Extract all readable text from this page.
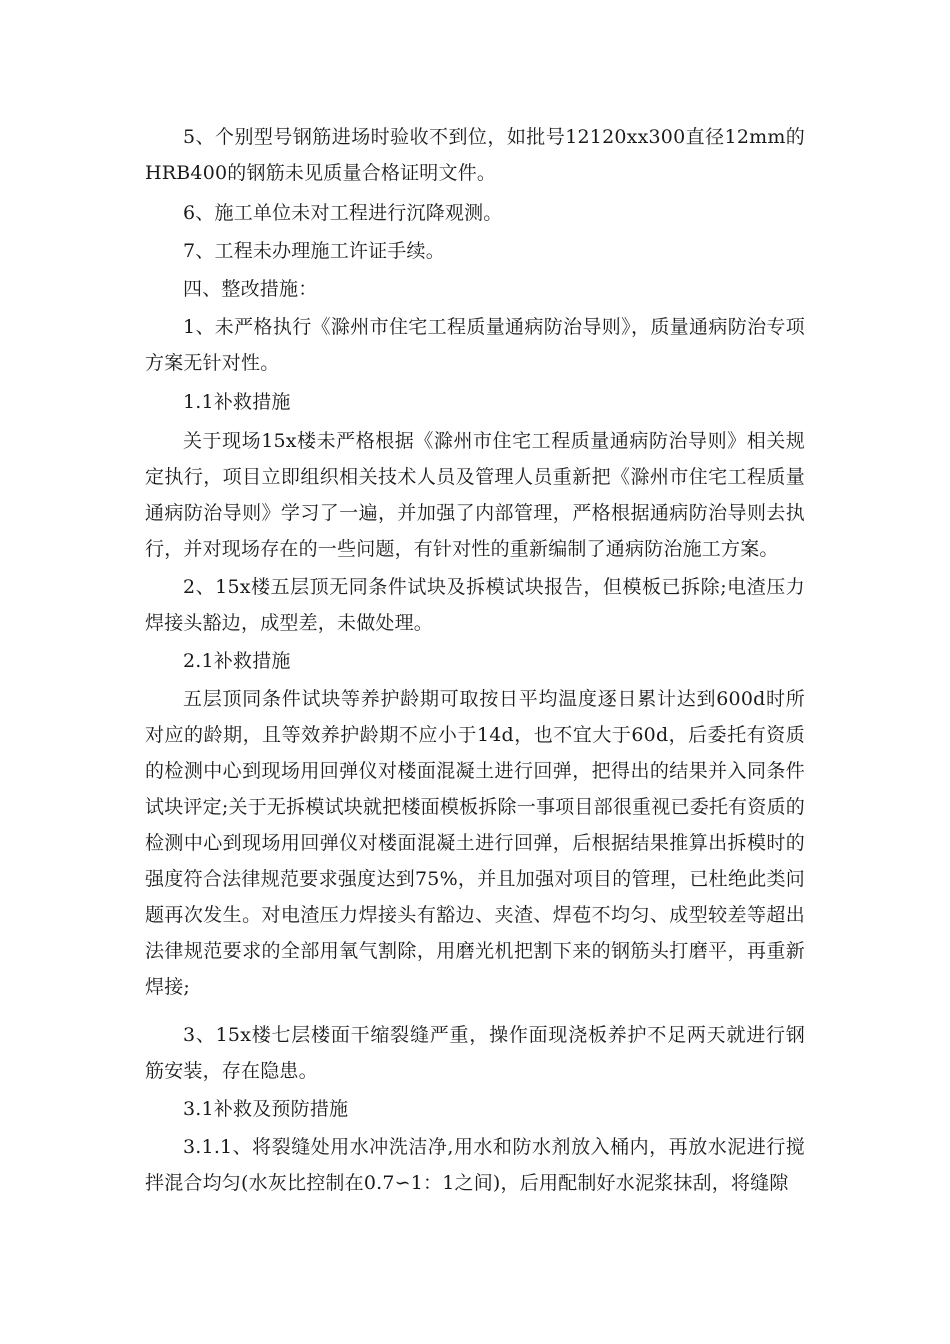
5、个别型号钢筋进场时验收不到位，如批号12120xx300直径12mm的HRB400的钢筋未见质量合格证明文件。

6、施工单位未对工程进行沉降观测。

7、工程未办理施工许证手续。

四、整改措施：

1、未严格执行《滁州市住宅工程质量通病防治导则》，质量通病防治专项方案无针对性。

1.1补救措施

关于现场15x楼未严格根据《滁州市住宅工程质量通病防治导则》相关规定执行，项目立即组织相关技术人员及管理人员重新把《滁州市住宅工程质量通病防治导则》学习了一遍，并加强了内部管理，严格根据通病防治导则去执行，并对现场存在的一些问题，有针对性的重新编制了通病防治施工方案。

2、15x楼五层顶无同条件试块及拆模试块报告，但模板已拆除;电渣压力焊接头豁边，成型差，未做处理。

2.1补救措施

五层顶同条件试块等养护龄期可取按日平均温度逐日累计达到600d时所对应的龄期，且等效养护龄期不应小于14d，也不宜大于60d，后委托有资质的检测中心到现场用回弹仪对楼面混凝土进行回弹，把得出的结果并入同条件试块评定;关于无拆模试块就把楼面模板拆除一事项目部很重视已委托有资质的检测中心到现场用回弹仪对楼面混凝土进行回弹，后根据结果推算出拆模时的强度符合法律规范要求强度达到75%，并且加强对项目的管理，已杜绝此类问题再次发生。对电渣压力焊接头有豁边、夹渣、焊苞不均匀、成型较差等超出法律规范要求的全部用氧气割除，用磨光机把割下来的钢筋头打磨平，再重新焊接;

3、15x楼七层楼面干缩裂缝严重，操作面现浇板养护不足两天就进行钢筋安装，存在隐患。

3.1补救及预防措施

3.1.1、将裂缝处用水冲洗洁净,用水和防水剂放入桶内，再放水泥进行搅拌混合均匀(水灰比控制在0.7∽1：1之间)，后用配制好水泥浆抹刮，将缝隙
